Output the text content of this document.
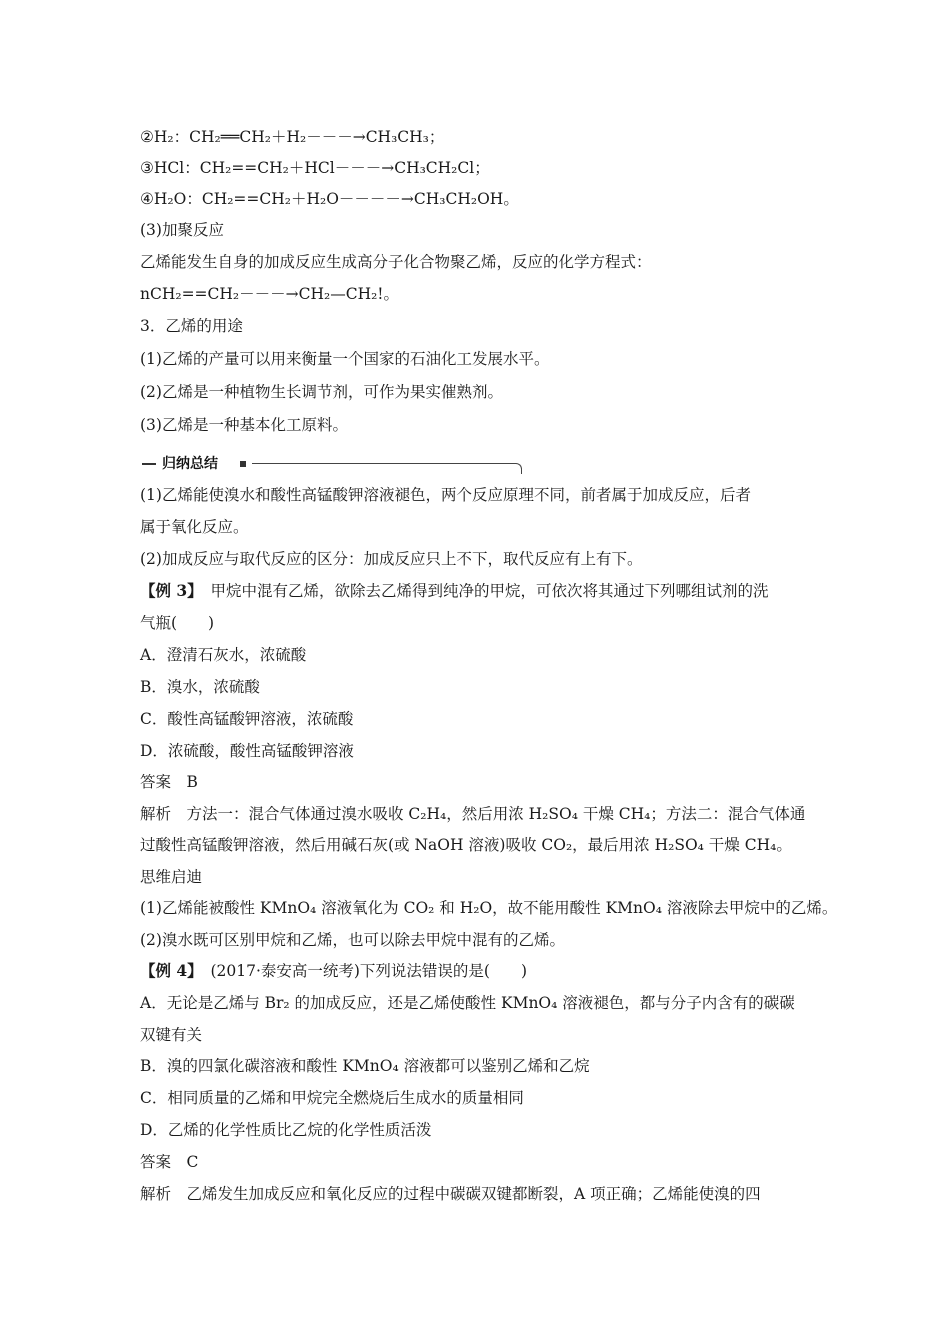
②H₂：CH₂══CH₂＋H₂－－－→CH₃CH₃；
③HCl：CH₂==CH₂＋HCl－－－→CH₃CH₂Cl；
④H₂O：CH₂==CH₂＋H₂O－－－－→CH₃CH₂OH。
(3)加聚反应
乙烯能发生自身的加成反应生成高分子化合物聚乙烯，反应的化学方程式：
nCH₂==CH₂－－－→CH₂—CH₂!。
3．乙烯的用途
(1)乙烯的产量可以用来衡量一个国家的石油化工发展水平。
(2)乙烯是一种植物生长调节剂，可作为果实催熟剂。
(3)乙烯是一种基本化工原料。
归纳总结
(1)乙烯能使溴水和酸性高锰酸钾溶液褪色，两个反应原理不同，前者属于加成反应，后者
属于氧化反应。
(2)加成反应与取代反应的区分：加成反应只上不下，取代反应有上有下。
【例 3】　 甲烷中混有乙烯，欲除去乙烯得到纯净的甲烷，可依次将其通过下列哪组试剂的洗
气瓶(　　)
A．澄清石灰水，浓硫酸
B．溴水，浓硫酸
C．酸性高锰酸钾溶液，浓硫酸
D．浓硫酸，酸性高锰酸钾溶液
答案　B
解析　方法一：混合气体通过溴水吸收 C₂H₄，然后用浓 H₂SO₄ 干燥 CH₄；方法二：混合气体通
过酸性高锰酸钾溶液，然后用碱石灰(或 NaOH 溶液)吸收 CO₂，最后用浓 H₂SO₄ 干燥 CH₄。
思维启迪
(1)乙烯能被酸性 KMnO₄ 溶液氧化为 CO₂ 和 H₂O，故不能用酸性 KMnO₄ 溶液除去甲烷中的乙烯。
(2)溴水既可区别甲烷和乙烯，也可以除去甲烷中混有的乙烯。
【例 4】　 (2017·泰安高一统考)下列说法错误的是(　　)
A．无论是乙烯与 Br₂ 的加成反应，还是乙烯使酸性 KMnO₄ 溶液褪色，都与分子内含有的碳碳
双键有关
B．溴的四氯化碳溶液和酸性 KMnO₄ 溶液都可以鉴别乙烯和乙烷
C．相同质量的乙烯和甲烷完全燃烧后生成水的质量相同
D．乙烯的化学性质比乙烷的化学性质活泼
答案　C
解析　乙烯发生加成反应和氧化反应的过程中碳碳双键都断裂，A 项正确；乙烯能使溴的四
